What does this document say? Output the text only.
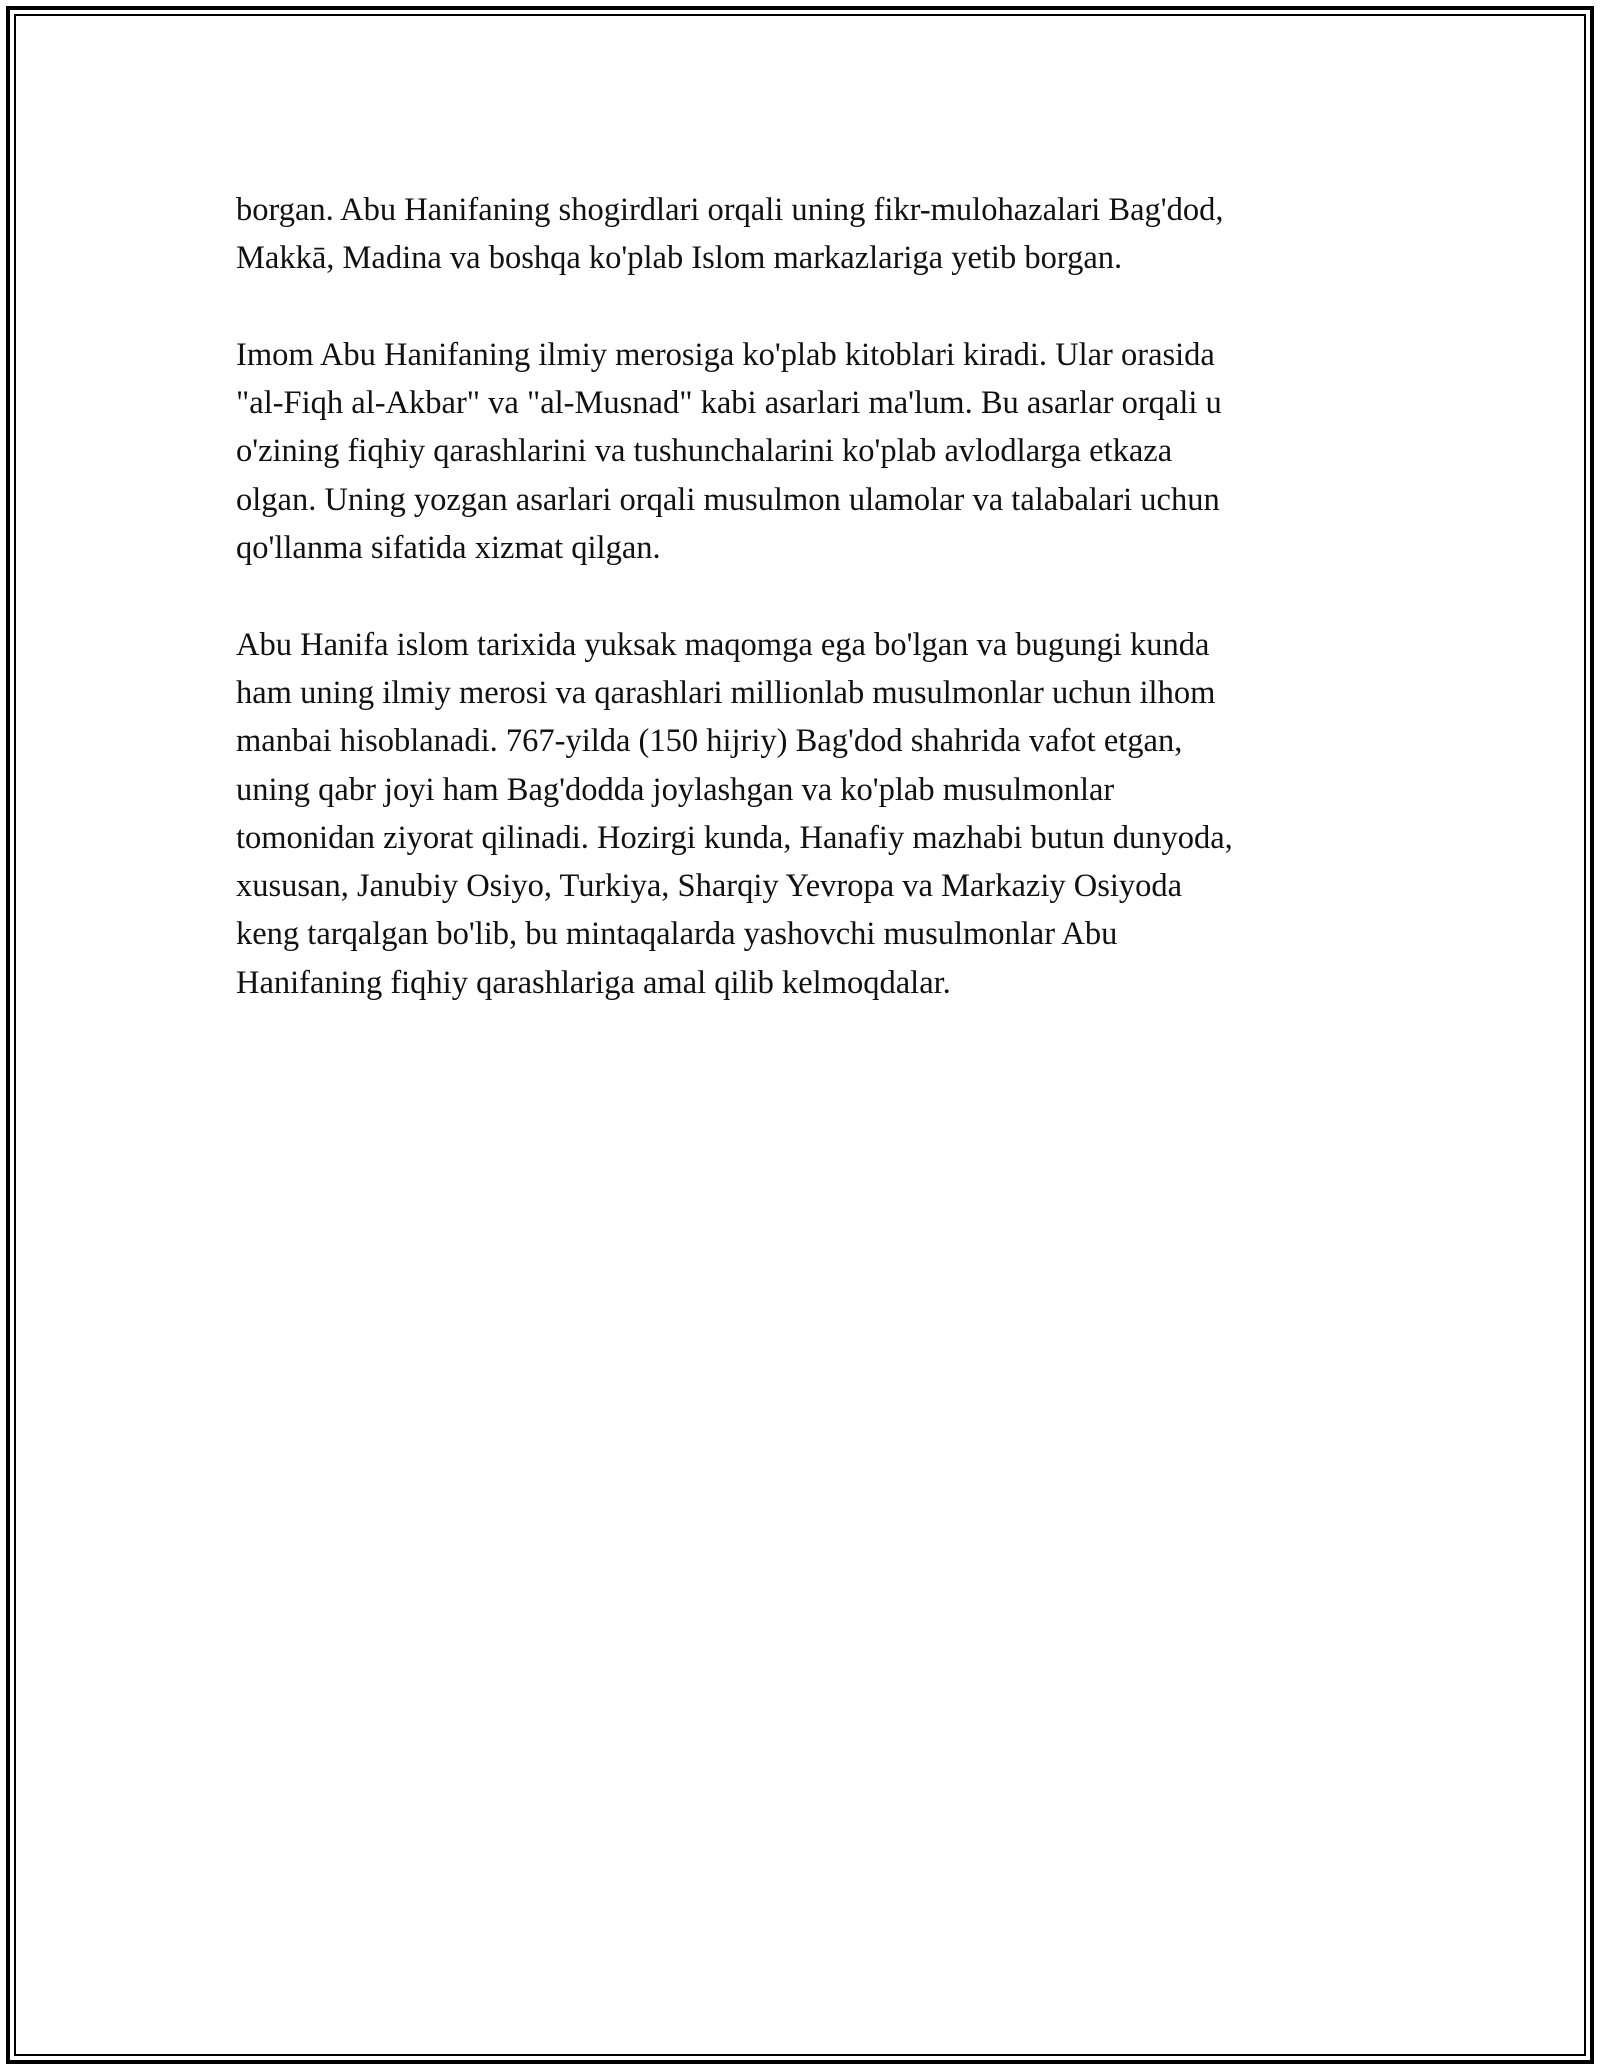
borgan. Abu Hanifaning shogirdlari orqali uning fikr-mulohazalari Bag'dod,
Makkā, Madina va boshqa ko'plab Islom markazlariga yetib borgan.

Imom Abu Hanifaning ilmiy merosiga ko'plab kitoblari kiradi. Ular orasida
"al-Fiqh al-Akbar" va "al-Musnad" kabi asarlari ma'lum. Bu asarlar orqali u
o'zining fiqhiy qarashlarini va tushunchalarini ko'plab avlodlarga etkaza
olgan. Uning yozgan asarlari orqali musulmon ulamolar va talabalari uchun
qo'llanma sifatida xizmat qilgan.

Abu Hanifa islom tarixida yuksak maqomga ega bo'lgan va bugungi kunda
ham uning ilmiy merosi va qarashlari millionlab musulmonlar uchun ilhom
manbai hisoblanadi. 767-yilda (150 hijriy) Bag'dod shahrida vafot etgan,
uning qabr joyi ham Bag'dodda joylashgan va ko'plab musulmonlar
tomonidan ziyorat qilinadi. Hozirgi kunda, Hanafiy mazhabi butun dunyoda,
xususan, Janubiy Osiyo, Turkiya, Sharqiy Yevropa va Markaziy Osiyoda
keng tarqalgan bo'lib, bu mintaqalarda yashovchi musulmonlar Abu
Hanifaning fiqhiy qarashlariga amal qilib kelmoqdalar.
